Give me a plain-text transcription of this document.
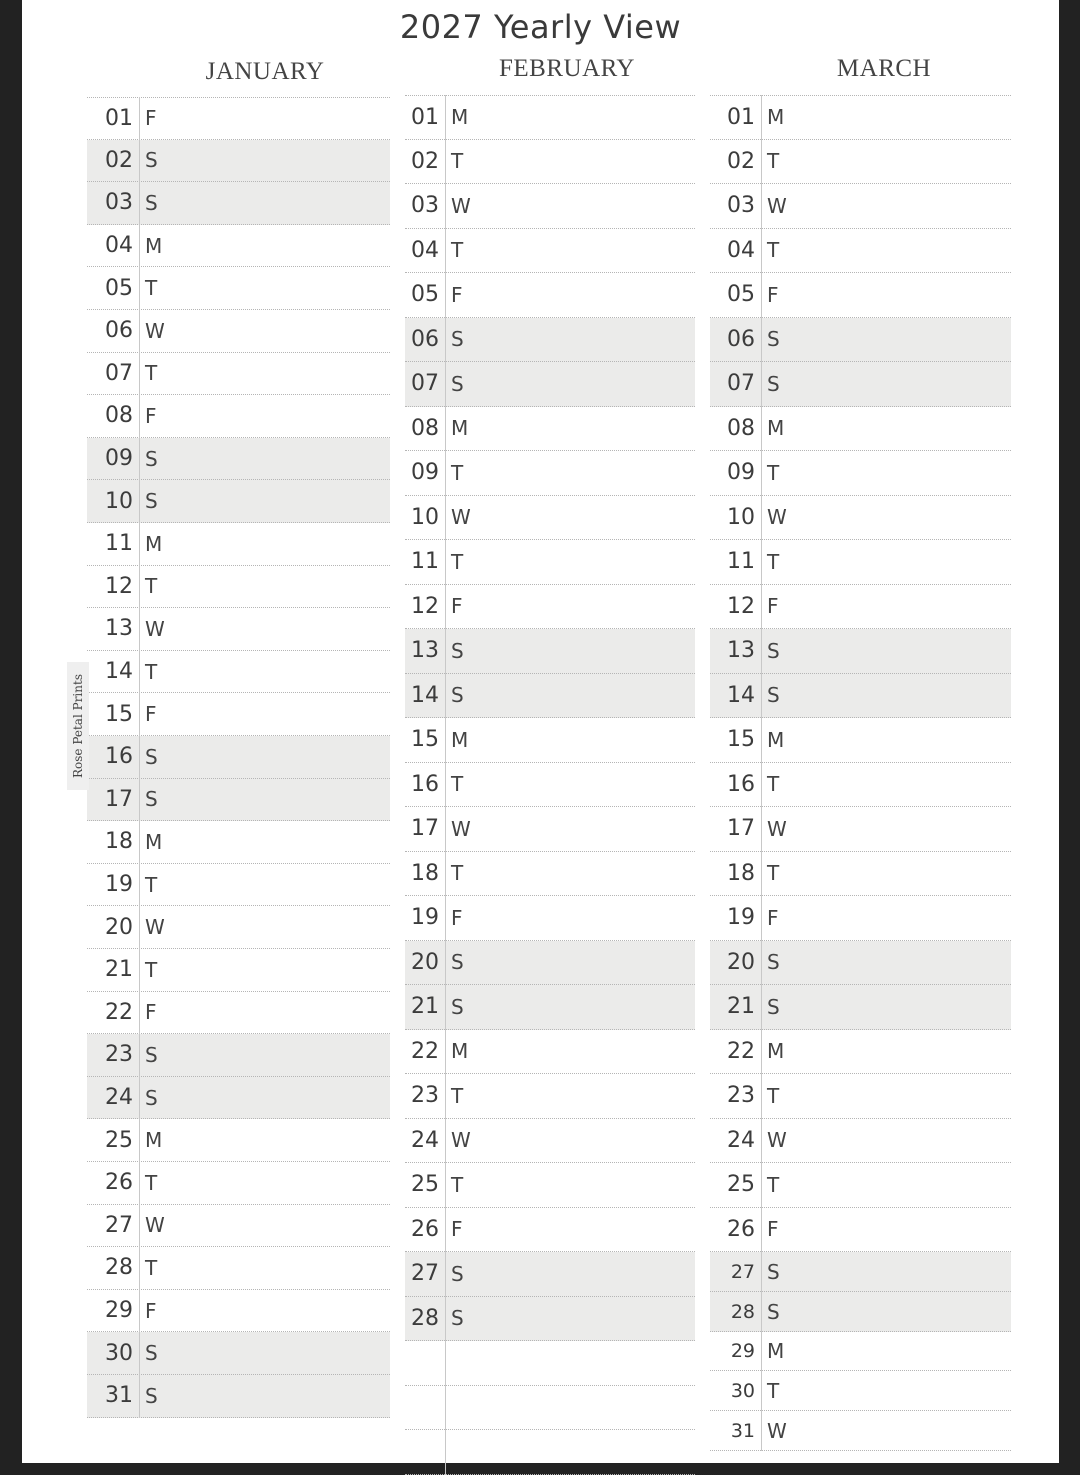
2027 Yearly View
JANUARY	FEBRUARY	MARCH
01 F
02 S
03 S
04 M
05 T
06 W
07 T
08 F
09 S
10 S
11 M
12 T
13 W
14 T
15 F
16 S
17 S
18 M
19 T
20 W
21 T
22 F
23 S
24 S
25 M
26 T
27 W
28 T
29 F
30 S
31 S
01 M
02 T
03 W
04 T
05 F
06 S
07 S
08 M
09 T
10 W
11 T
12 F
13 S
14 S
15 M
16 T
17 W
18 T
19 F
20 S
21 S
22 M
23 T
24 W
25 T
26 F
27 S
28 S
01 M
02 T
03 W
04 T
05 F
06 S
07 S
08 M
09 T
10 W
11 T
12 F
13 S
14 S
15 M
16 T
17 W
18 T
19 F
20 S
21 S
22 M
23 T
24 W
25 T
26 F
27 S
28 S
29 M
30 T
31 W
Rose Petal Prints
